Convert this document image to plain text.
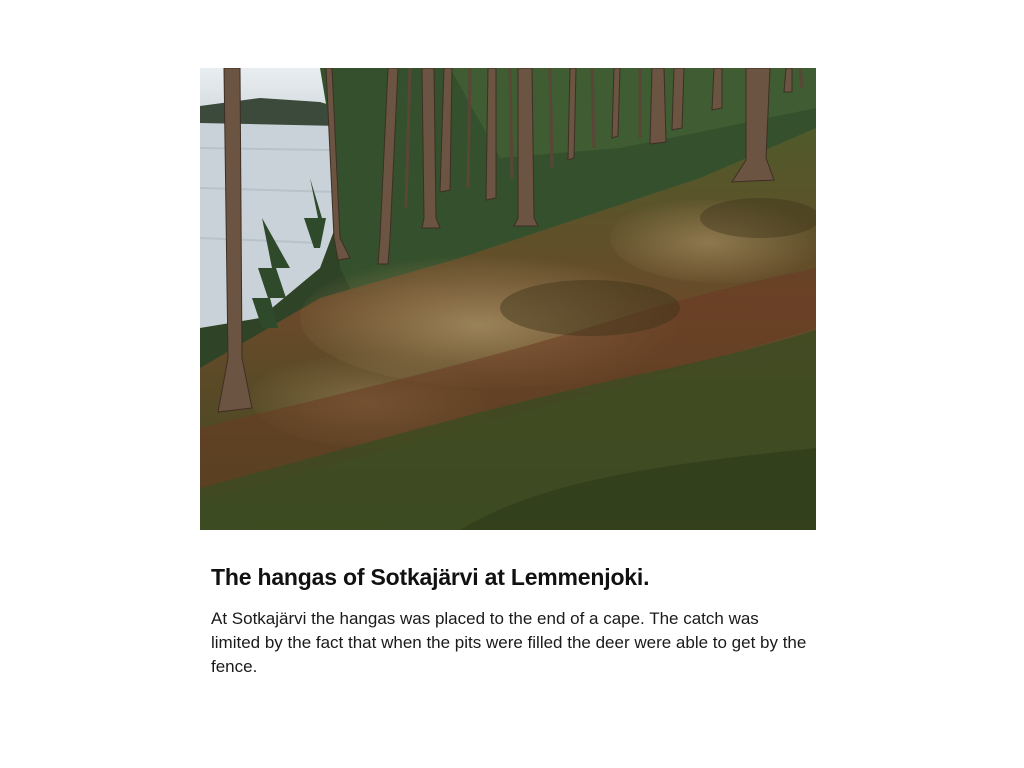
The hangas of Sotkajärvi at Lemmenjoki.
At Sotkajärvi the hangas was placed to the end of a cape. The catch was limited by the fact that when the pits were filled the deer were able to get by the fence.
